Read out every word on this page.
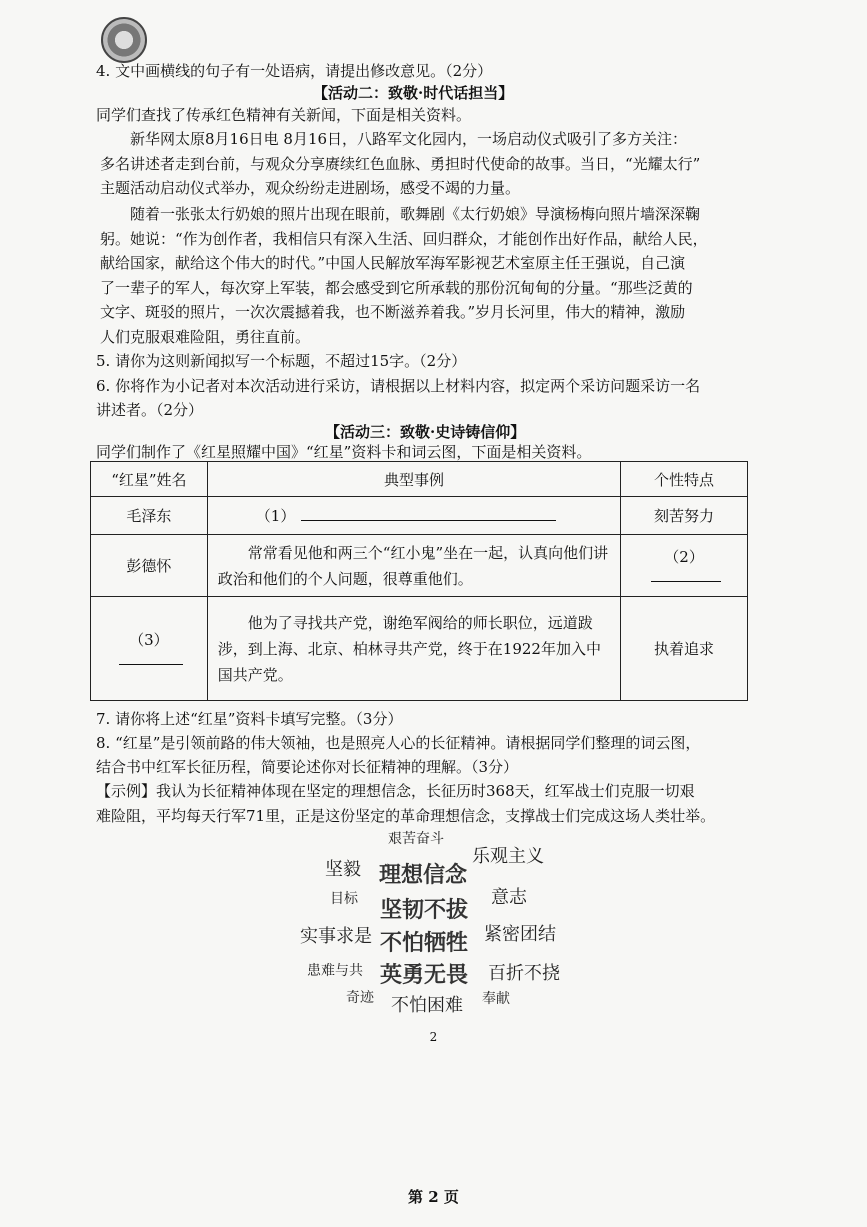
4. 文中画横线的句子有一处语病，请提出修改意见。（2分）
【活动二：致敬·时代话担当】
同学们查找了传承红色精神有关新闻，下面是相关资料。
新华网太原8月16日电 8月16日，八路军文化园内，一场启动仪式吸引了多方关注：
多名讲述者走到台前，与观众分享赓续红色血脉、勇担时代使命的故事。当日，“光耀太行”
主题活动启动仪式举办，观众纷纷走进剧场，感受不竭的力量。
随着一张张太行奶娘的照片出现在眼前，歌舞剧《太行奶娘》导演杨梅向照片墙深深鞠
躬。她说：“作为创作者，我相信只有深入生活、回归群众，才能创作出好作品，献给人民，
献给国家，献给这个伟大的时代。”中国人民解放军海军影视艺术室原主任王强说，自己演
了一辈子的军人，每次穿上军装，都会感受到它所承载的那份沉甸甸的分量。“那些泛黄的
文字、斑驳的照片，一次次震撼着我，也不断滋养着我。”岁月长河里，伟大的精神，激励
人们克服艰难险阻，勇往直前。
5. 请你为这则新闻拟写一个标题，不超过15字。（2分）
6. 你将作为小记者对本次活动进行采访，请根据以上材料内容，拟定两个采访问题采访一名
讲述者。（2分）
【活动三：致敬·史诗铸信仰】
同学们制作了《红星照耀中国》“红星”资料卡和词云图，下面是相关资料。
“红星”姓名	典型事例	个性特点
毛泽东	（1）	刻苦努力
彭德怀	常常看见他和两三个“红小鬼”坐在一起，认真向他们讲政治和他们的个人问题，很尊重他们。	（2）
（3）	他为了寻找共产党，谢绝军阀给的师长职位，远道跋涉，到上海、北京、柏林寻共产党，终于在1922年加入中国共产党。	执着追求
7. 请你将上述“红星”资料卡填写完整。（3分）
8. “红星”是引领前路的伟大领袖，也是照亮人心的长征精神。请根据同学们整理的词云图，
结合书中红军长征历程，简要论述你对长征精神的理解。（3分）
【示例】我认为长征精神体现在坚定的理想信念，长征历时368天，红军战士们克服一切艰
难险阻，平均每天行军71里，正是这份坚定的革命理想信念，支撑战士们完成这场人类壮举。
艰苦奋斗
乐观主义
坚毅 理想信念
目标	意志
坚韧不拔
实事求是 不怕牺牲 紧密团结
患难与共 英勇无畏 百折不挠
奇迹	奉献
不怕困难
2
第 2 页
